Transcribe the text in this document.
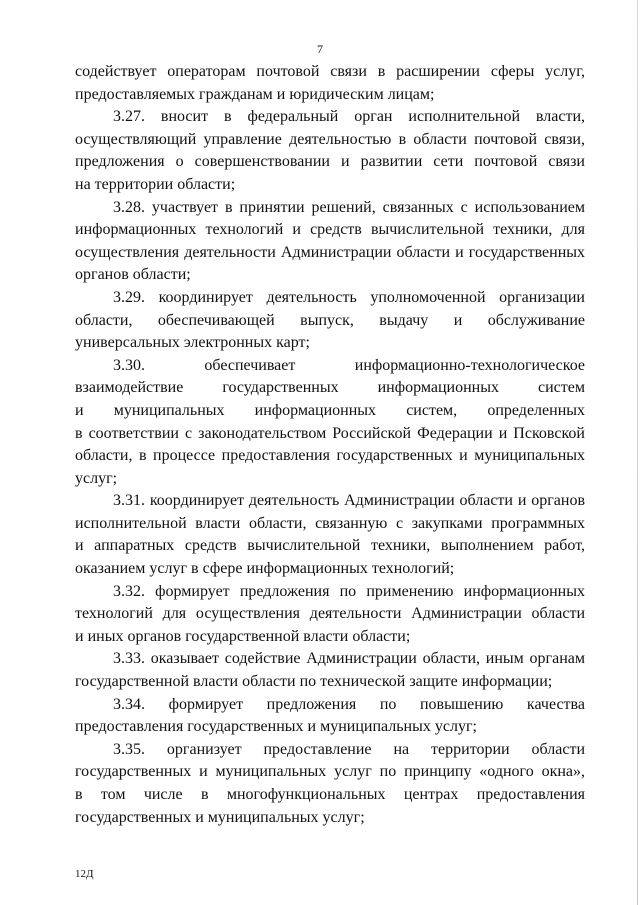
7
содействует операторам почтовой связи в расширении сферы услуг,
предоставляемых гражданам и юридическим лицам;
3.27. вносит в федеральный орган исполнительной власти,
осуществляющий управление деятельностью в области почтовой связи,
предложения о совершенствовании и развитии сети почтовой связи
на территории области;
3.28. участвует в принятии решений, связанных с использованием
информационных технологий и средств вычислительной техники, для
осуществления деятельности Администрации области и государственных
органов области;
3.29. координирует деятельность уполномоченной организации
области, обеспечивающей выпуск, выдачу и обслуживание
универсальных электронных карт;
3.30. обеспечивает информационно-технологическое
взаимодействие государственных информационных систем
и муниципальных информационных систем, определенных
в соответствии с законодательством Российской Федерации и Псковской
области, в процессе предоставления государственных и муниципальных
услуг;
3.31. координирует деятельность Администрации области и органов
исполнительной власти области, связанную с закупками программных
и аппаратных средств вычислительной техники, выполнением работ,
оказанием услуг в сфере информационных технологий;
3.32. формирует предложения по применению информационных
технологий для осуществления деятельности Администрации области
и иных органов государственной власти области;
3.33. оказывает содействие Администрации области, иным органам
государственной власти области по технической защите информации;
3.34. формирует предложения по повышению качества
предоставления государственных и муниципальных услуг;
3.35. организует предоставление на территории области
государственных и муниципальных услуг по принципу «одного окна»,
в том числе в многофункциональных центрах предоставления
государственных и муниципальных услуг;
12Д
